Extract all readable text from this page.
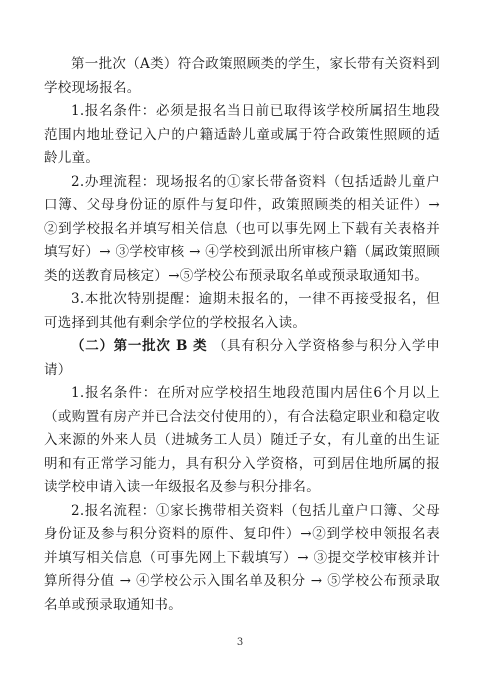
第一批次（A类）符合政策照顾类的学生，家长带有关资料到学校现场报名。

1.报名条件：必须是报名当日前已取得该学校所属招生地段范围内地址登记入户的户籍适龄儿童或属于符合政策性照顾的适龄儿童。

2.办理流程：现场报名的①家长带备资料（包括适龄儿童户口簿、父母身份证的原件与复印件，政策照顾类的相关证件）→②到学校报名并填写相关信息（也可以事先网上下载有关表格并填写好）→ ③学校审核 → ④学校到派出所审核户籍（属政策照顾类的送教育局核定）→⑤学校公布预录取名单或预录取通知书。

3.本批次特别提醒：逾期未报名的，一律不再接受报名，但可选择到其他有剩余学位的学校报名入读。

（二）第一批次 B 类 （具有积分入学资格参与积分入学申请）

1.报名条件：在所对应学校招生地段范围内居住6个月以上（或购置有房产并已合法交付使用的），有合法稳定职业和稳定收入来源的外来人员（进城务工人员）随迁子女，有儿童的出生证明和有正常学习能力，具有积分入学资格，可到居住地所属的报读学校申请入读一年级报名及参与积分排名。

2.报名流程：①家长携带相关资料（包括儿童户口簿、父母身份证及参与积分资料的原件、复印件）→②到学校申领报名表并填写相关信息（可事先网上下载填写）→ ③提交学校审核并计算所得分值 → ④学校公示入围名单及积分 → ⑤学校公布预录取名单或预录取通知书。

3
